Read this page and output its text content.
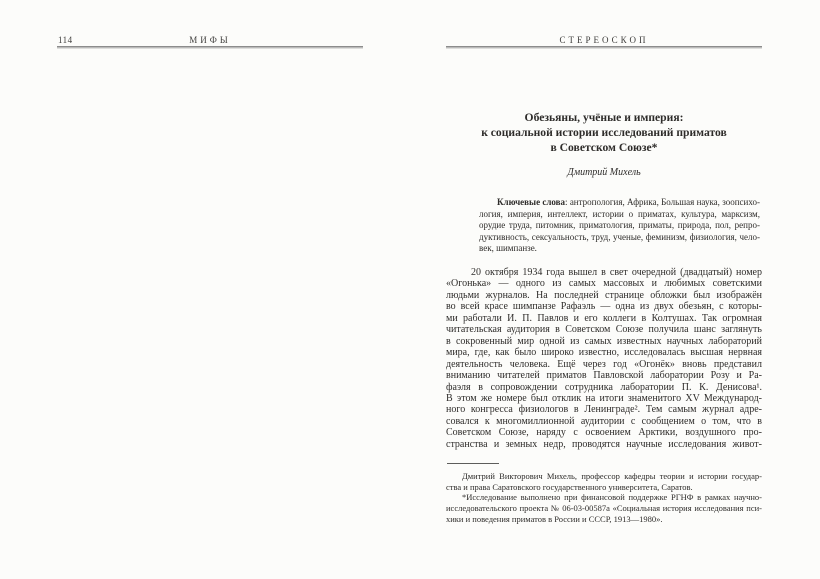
114	МИФЫ	СТЕРЕОСКОП
Обезьяны, учёные и империя:
к социальной истории исследований приматов
в Советском Союзе*
Дмитрий Михель
Ключевые слова: антропология, Африка, Большая наука, зоопсихо-
логия, империя, интеллект, истории о приматах, культура, марксизм,
орудие труда, питомник, приматология, приматы, природа, пол, репро-
дуктивность, сексуальность, труд, ученые, феминизм, физиология, чело-
век, шимпанзе.
20 октября 1934 года вышел в свет очередной (двадцатый) номер
«Огонька» — одного из самых массовых и любимых советскими
людьми журналов. На последней странице обложки был изображён
во всей красе шимпанзе Рафаэль — одна из двух обезьян, с которы-
ми работали И. П. Павлов и его коллеги в Колтушах. Так огромная
читательская аудитория в Советском Союзе получила шанс заглянуть
в сокровенный мир одной из самых известных научных лабораторий
мира, где, как было широко известно, исследовалась высшая нервная
деятельность человека. Ещё через год «Огонёк» вновь представил
вниманию читателей приматов Павловской лаборатории Розу и Ра-
фаэля в сопровождении сотрудника лаборатории П. К. Денисова¹.
В этом же номере был отклик на итоги знаменитого XV Международ-
ного конгресса физиологов в Ленинграде². Тем самым журнал адре-
совался к многомиллионной аудитории с сообщением о том, что в
Советском Союзе, наряду с освоением Арктики, воздушного про-
странства и земных недр, проводятся научные исследования живот-
Дмитрий Викторович Михель, профессор кафедры теории и истории государ-
ства и права Саратовского государственного университета, Саратов.
*Исследование выполнено при финансовой поддержке РГНФ в рамках научно-
исследовательского проекта № 06-03-00587а «Социальная история исследования пси-
хики и поведения приматов в России и СССР, 1913—1980».
